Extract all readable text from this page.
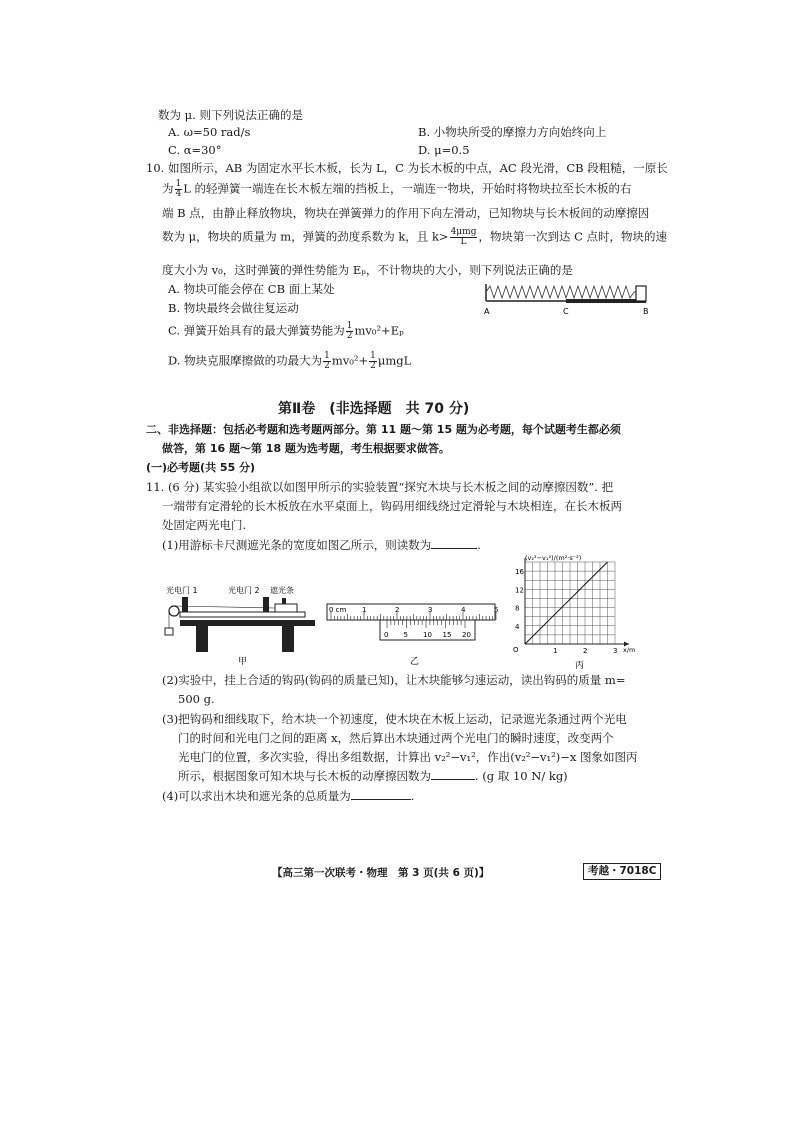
数为 μ. 则下列说法正确的是
A. ω=50 rad/s	B. 小物块所受的摩擦力方向始终向上
C. α=30°	D. μ=0.5
10. 如图所示，AB 为固定水平长木板，长为 L，C 为长木板的中点，AC 段光滑，CB 段粗糙，一原长
为 $\frac{1}{4}$ L 的轻弹簧一端连在长木板左端的挡板上，一端连一物块，开始时将物块拉至长木板的右
端 B 点，由静止释放物块，物块在弹簧弹力的作用下向左滑动，已知物块与长木板间的动摩擦因
数为 μ，物块的质量为 m，弹簧的劲度系数为 k，且 $k> \frac{\text{4μmg}}{L}$ ，物块第一次到达 C 点时，物块的速
度大小为 v₀，这时弹簧的弹性势能为 Eₚ，不计物块的大小，则下列说法正确的是
A. 物块可能会停在 CB 面上某处
B. 物块最终会做往复运动
C. 弹簧开始具有的最大弹簧势能为 $\frac{1}{2} mv_0^2+E_p$
D. 物块克服摩擦做的功最大为 $\frac{1}{2} mv_0^2+ \frac{1}{2}$ μmgL
A	C	B
第Ⅱ卷　(非选择题　共 70 分)
二、非选择题：包括必考题和选考题两部分。第 11 题～第 15 题为必考题，每个试题考生都必须
做答，第 16 题～第 18 题为选考题，考生根据要求做答。
(一)必考题(共 55 分)
11. (6 分) 某实验小组欲以如图甲所示的实验装置“探究木块与长木板之间的动摩擦因数”. 把
一端带有定滑轮的长木板放在水平桌面上，钩码用细线绕过定滑轮与木块相连，在长木板两
处固定两光电门.
(1)用游标卡尺测遮光条的宽度如图乙所示，则读数为	.
光电门 1	光电门 2 遮光条
甲
0 cm 1	2	3	4	5
0 5 10 15 20
乙
(v₂²−v₁²)/(m²·s⁻²)
1	2	3
4
8
12
16
O	x/m
丙
(2)实验中，挂上合适的钩码(钩码的质量已知)，让木块能够匀速运动，读出钩码的质量 m=
500 g.
(3)把钩码和细线取下，给木块一个初速度，使木块在木板上运动，记录遮光条通过两个光电
门的时间和光电门之间的距离 x，然后算出木块通过两个光电门的瞬时速度，改变两个
光电门的位置，多次实验，得出多组数据，计算出 v₂²−v₁²，作出(v₂²−v₁²)−x 图象如图丙
所示，根据图象可知木块与长木板的动摩擦因数为	. (g 取 10 N/ kg)
(4)可以求出木块和遮光条的总质量为	.
【高三第一次联考・物理　第 3 页(共 6 页)】	考越・7018C
